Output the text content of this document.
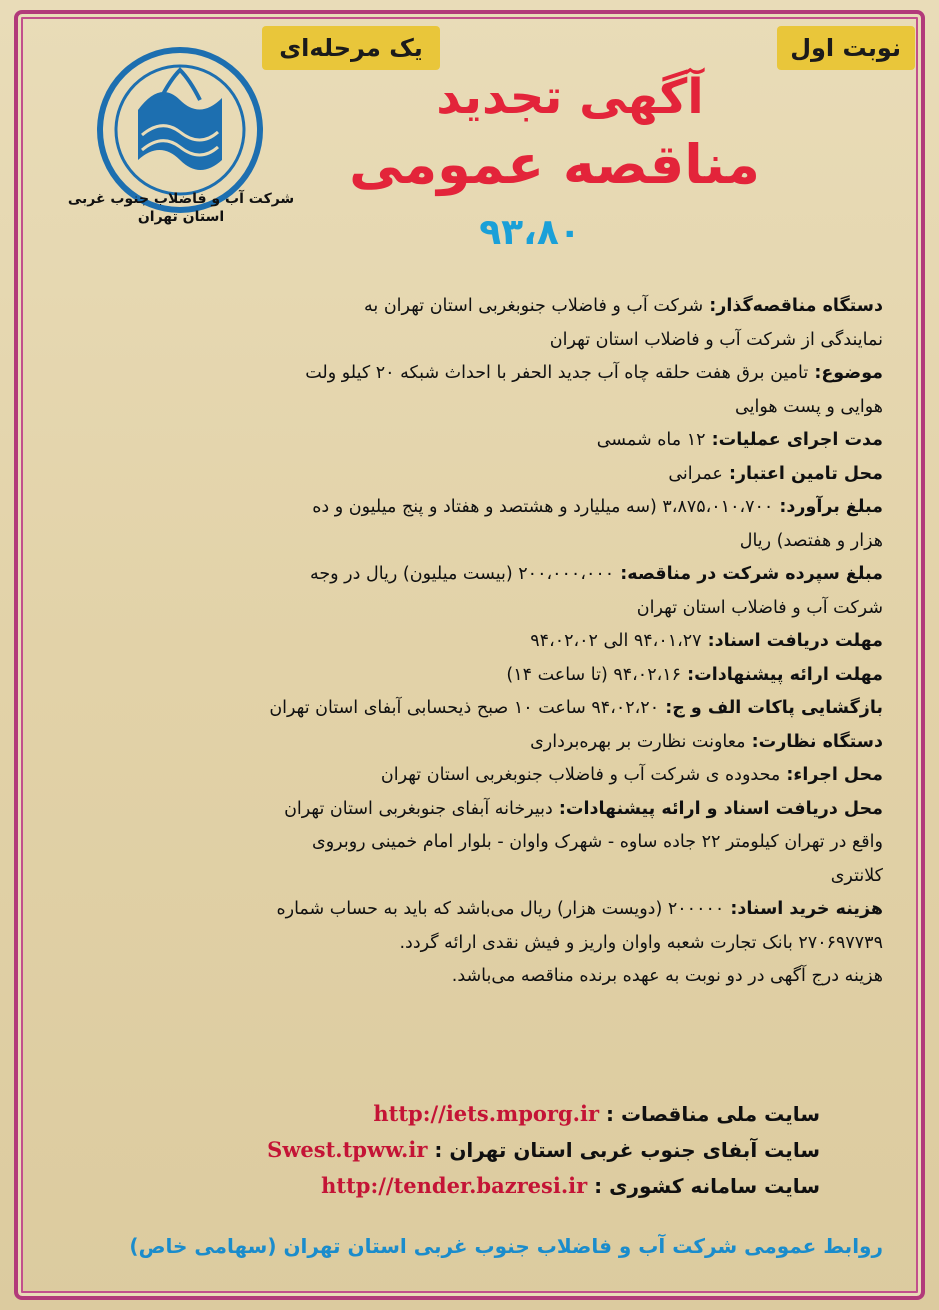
نوبت اول
یک مرحله‌ای
شرکت آب و فاضلاب جنوب غربی
استان تهران
آگهی تجدید
مناقصه عمومی
۹۳،۸۰
دستگاه مناقصه‌گذار: شرکت آب و فاضلاب جنوبغربی استان تهران به
نمایندگی از شرکت آب و فاضلاب استان تهران
موضوع: تامین برق هفت حلقه چاه آب جدید الحفر با احداث شبکه ۲۰ کیلو ولت
هوایی و پست هوایی
مدت اجرای عملیات: ۱۲ ماه شمسی
محل تامین اعتبار: عمرانی
مبلغ برآورد: ۳،۸۷۵،۰۱۰،۷۰۰ (سه میلیارد و هشتصد و هفتاد و پنج میلیون و ده
هزار و هفتصد) ریال
مبلغ سپرده شرکت در مناقصه: ۲۰۰،۰۰۰،۰۰۰ (بیست میلیون) ریال در وجه
شرکت آب و فاضلاب استان تهران
مهلت دریافت اسناد: ۹۴،۰۱،۲۷ الی ۹۴،۰۲،۰۲
مهلت ارائه پیشنهادات: ۹۴،۰۲،۱۶ (تا ساعت ۱۴)
بازگشایی پاکات الف و ج: ۹۴،۰۲،۲۰ ساعت ۱۰ صبح ذیحسابی آبفای استان تهران
دستگاه نظارت: معاونت نظارت بر بهره‌برداری
محل اجراء: محدوده ی شرکت آب و فاضلاب جنوبغربی استان تهران
محل دریافت اسناد و ارائه پیشنهادات: دبیرخانه آبفای جنوبغربی استان تهران
واقع در تهران کیلومتر ۲۲ جاده ساوه - شهرک واوان - بلوار امام خمینی روبروی
کلانتری
هزینه خرید اسناد: ۲۰۰۰۰۰ (دویست هزار) ریال می‌باشد که باید به حساب شماره
۲۷۰۶۹۷۷۳۹ بانک تجارت شعبه واوان واریز و فیش نقدی ارائه گردد.
هزینه درج آگهی در دو نوبت به عهده برنده مناقصه می‌باشد.
سایت ملی مناقصات : http://iets.mporg.ir
سایت آبفای جنوب غربی استان تهران : Swest.tpww.ir
سایت سامانه کشوری : http://tender.bazresi.ir
روابط عمومی شرکت آب و فاضلاب جنوب غربی استان تهران (سهامی خاص)
